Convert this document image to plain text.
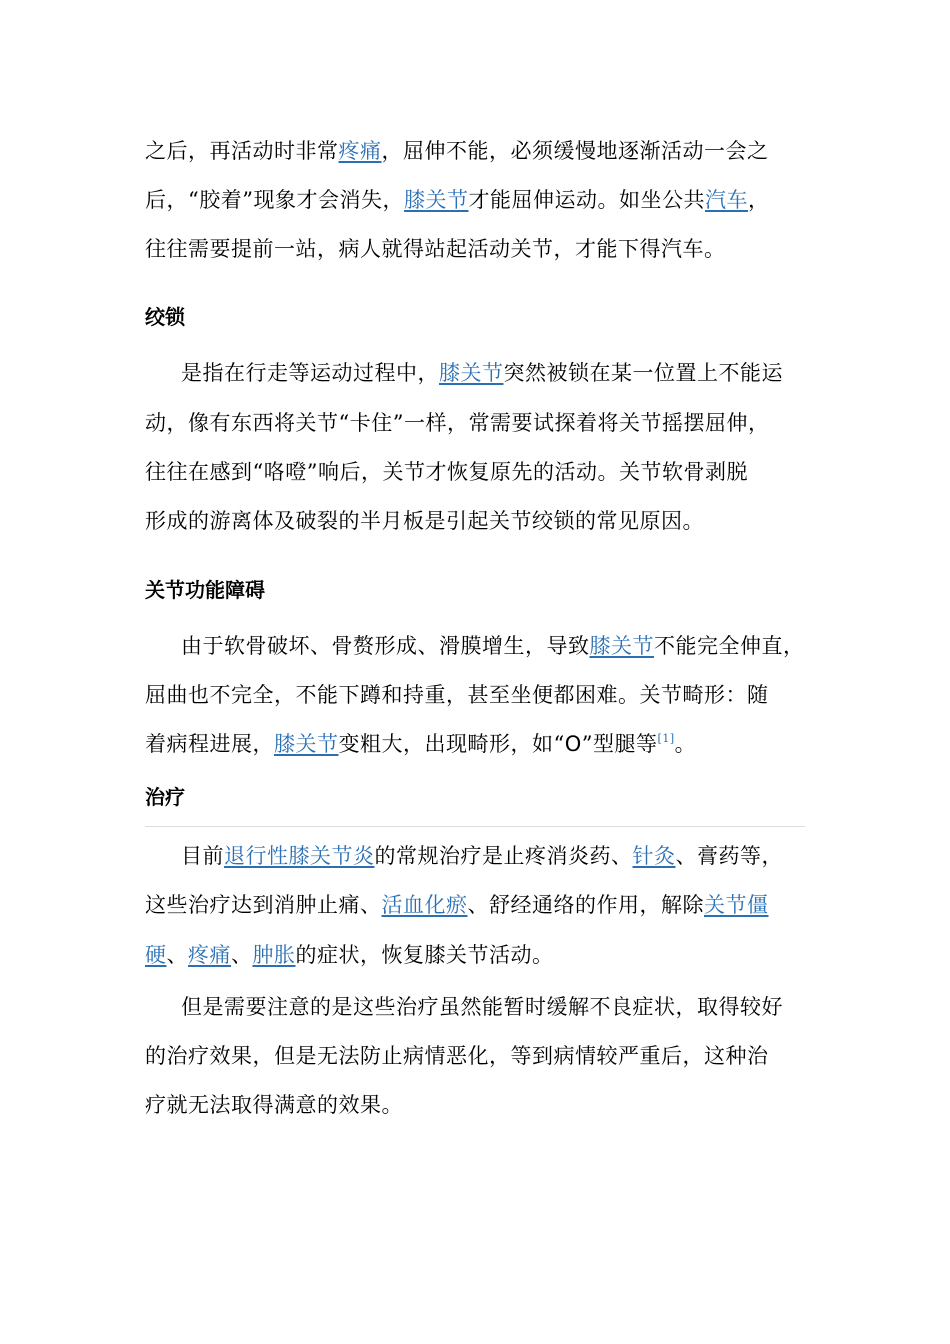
之后，再活动时非常疼痛，屈伸不能，必须缓慢地逐渐活动一会之
后，“胶着”现象才会消失，膝关节才能屈伸运动。如坐公共汽车，
往往需要提前一站，病人就得站起活动关节，才能下得汽车。
绞锁
是指在行走等运动过程中，膝关节突然被锁在某一位置上不能运
动，像有东西将关节“卡住”一样，常需要试探着将关节摇摆屈伸，
往往在感到“咯噔”响后，关节才恢复原先的活动。关节软骨剥脱
形成的游离体及破裂的半月板是引起关节绞锁的常见原因。
关节功能障碍
由于软骨破坏、骨赘形成、滑膜增生，导致膝关节不能完全伸直，
屈曲也不完全，不能下蹲和持重，甚至坐便都困难。关节畸形：随
着病程进展，膝关节变粗大，出现畸形，如“O”型腿等[1]。
治疗
目前退行性膝关节炎的常规治疗是止疼消炎药、针灸、膏药等，
这些治疗达到消肿止痛、活血化瘀、舒经通络的作用，解除关节僵
硬、疼痛、肿胀的症状，恢复膝关节活动。
但是需要注意的是这些治疗虽然能暂时缓解不良症状，取得较好
的治疗效果，但是无法防止病情恶化，等到病情较严重后，这种治
疗就无法取得满意的效果。
